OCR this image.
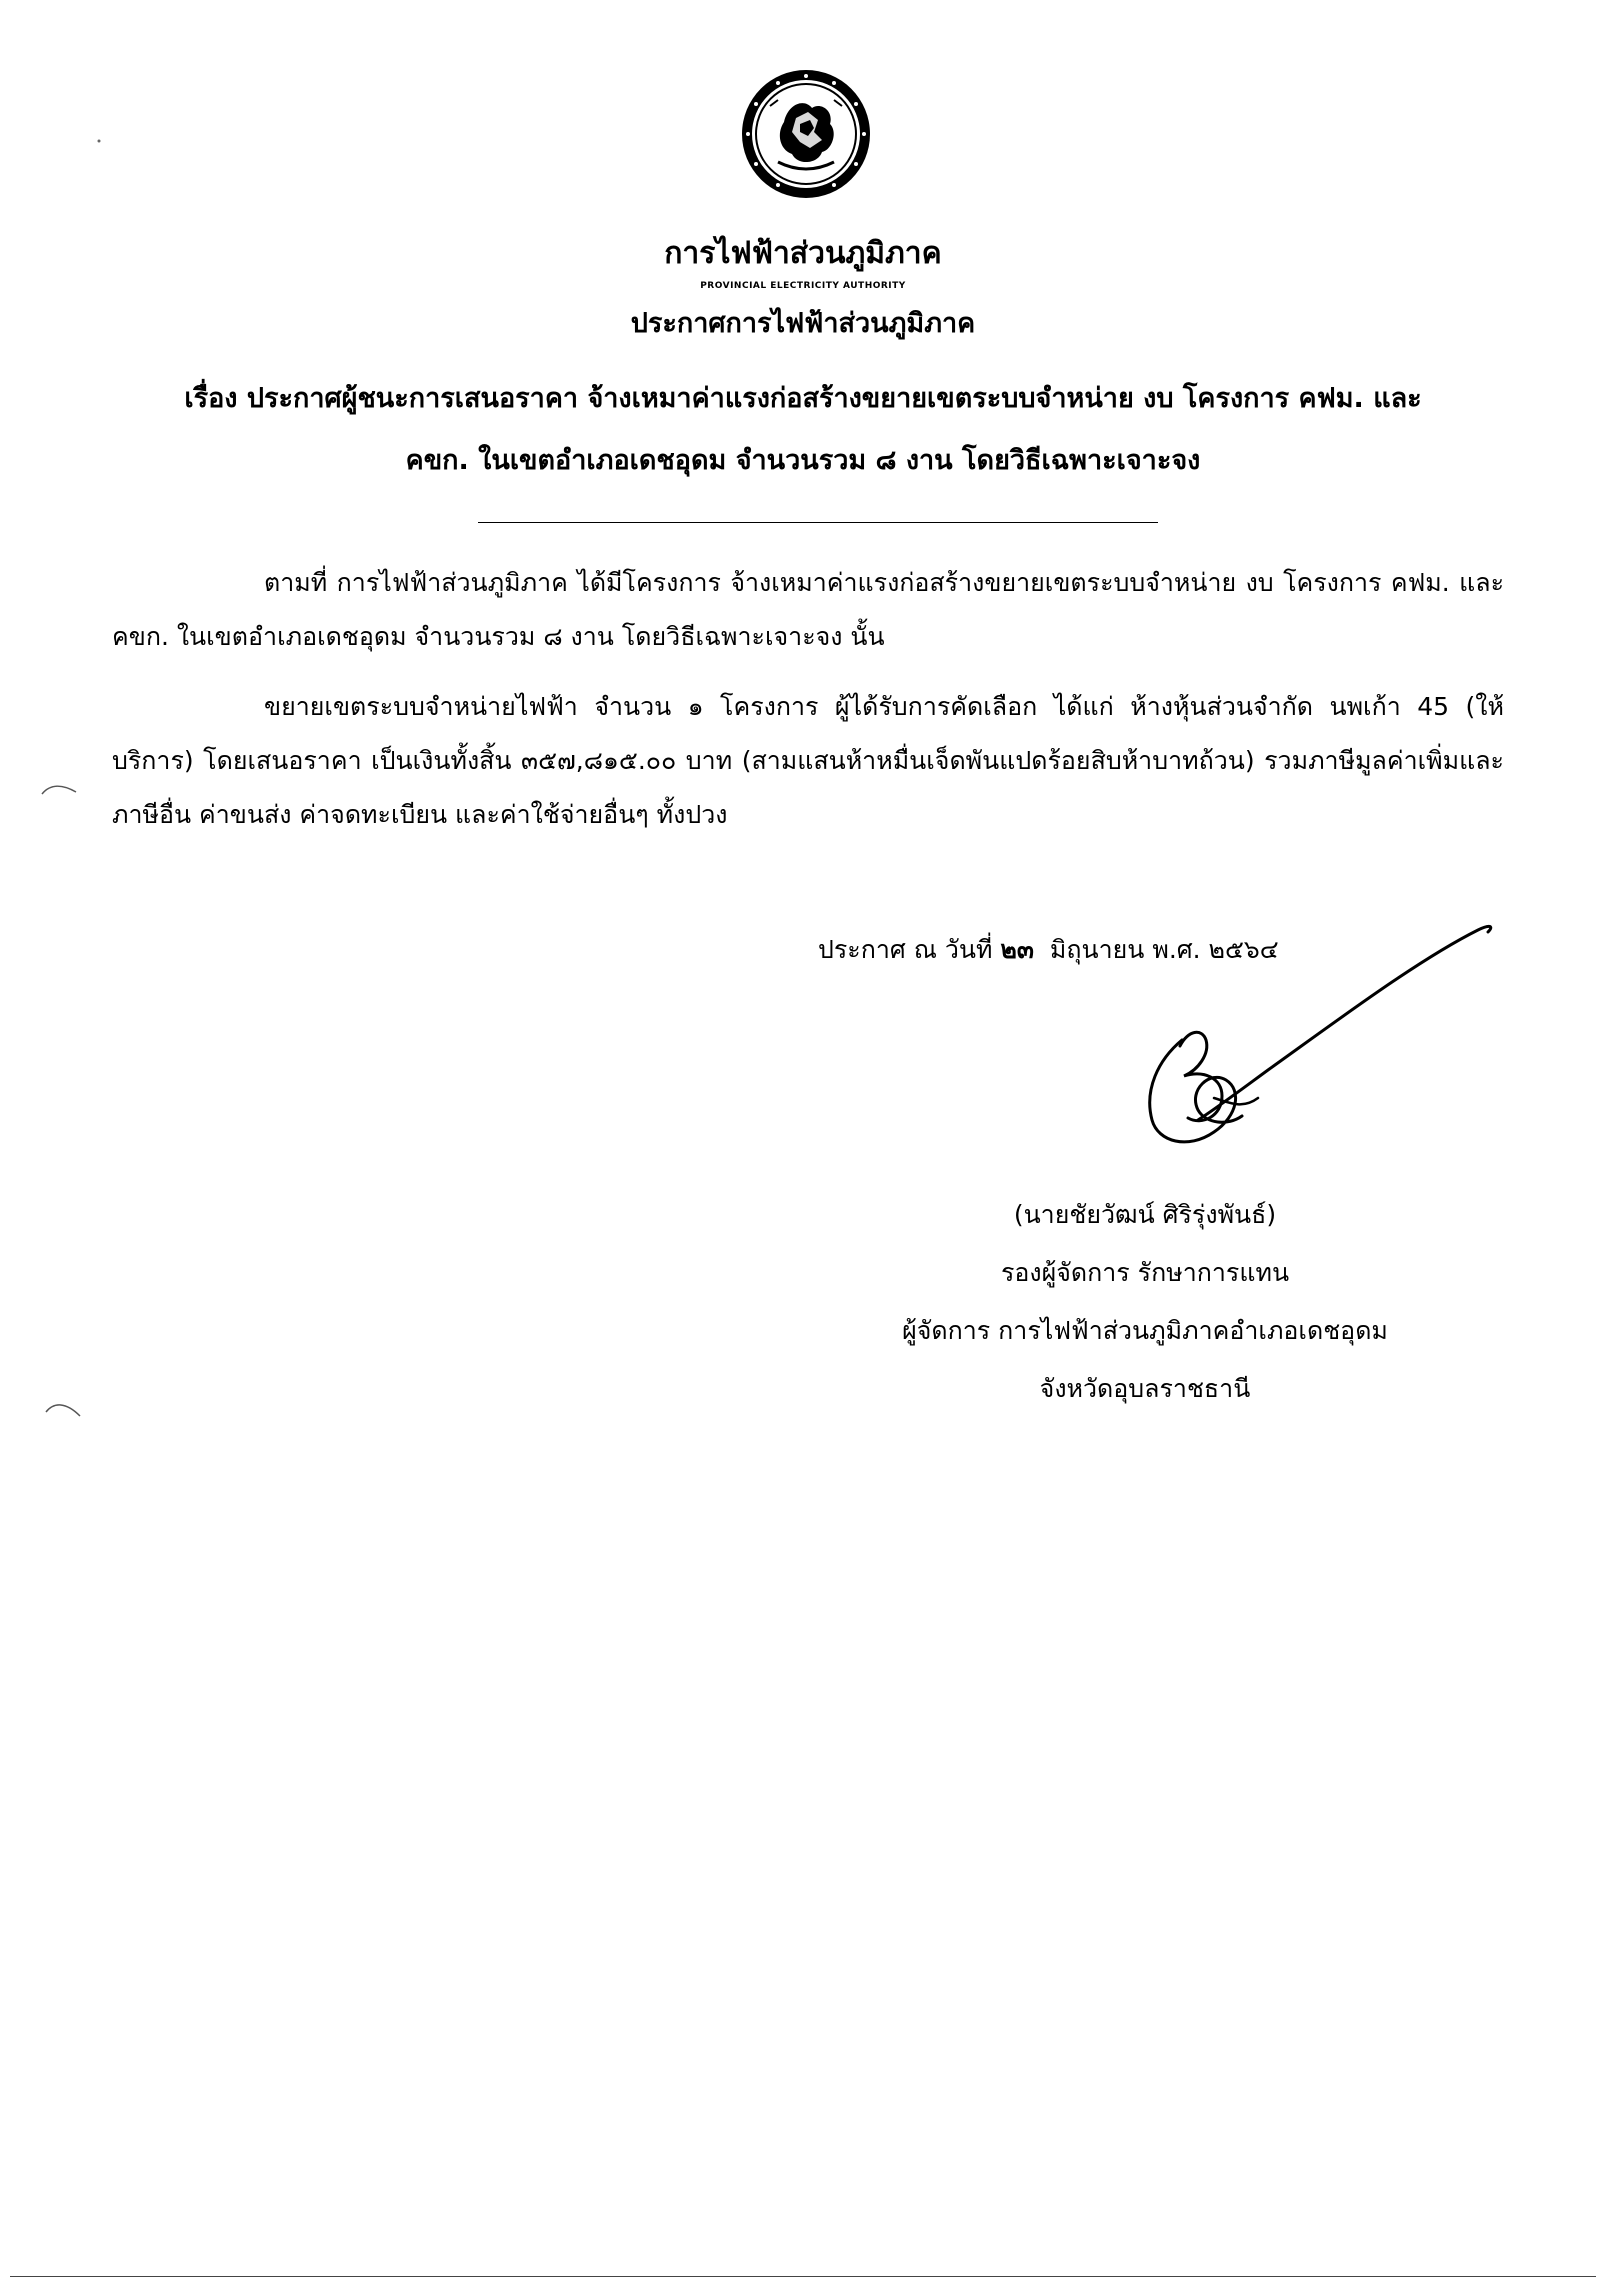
การไฟฟ้าส่วนภูมิภาค
PROVINCIAL ELECTRICITY AUTHORITY
ประกาศการไฟฟ้าส่วนภูมิภาค
เรื่อง ประกาศผู้ชนะการเสนอราคา จ้างเหมาค่าแรงก่อสร้างขยายเขตระบบจำหน่าย งบ โครงการ คฟม. และ
คขก. ในเขตอำเภอเดชอุดม จำนวนรวม ๘ งาน โดยวิธีเฉพาะเจาะจง
ตามที่ การไฟฟ้าส่วนภูมิภาค ได้มีโครงการ จ้างเหมาค่าแรงก่อสร้างขยายเขตระบบจำหน่าย งบ โครงการ คฟม. และ คขก. ในเขตอำเภอเดชอุดม จำนวนรวม ๘ งาน โดยวิธีเฉพาะเจาะจง นั้น
ขยายเขตระบบจำหน่ายไฟฟ้า จำนวน ๑ โครงการ ผู้ได้รับการคัดเลือก ได้แก่ ห้างหุ้นส่วนจำกัด นพเก้า 45 (ให้บริการ) โดยเสนอราคา เป็นเงินทั้งสิ้น ๓๕๗,๘๑๕.๐๐ บาท (สามแสนห้าหมื่นเจ็ดพันแปดร้อยสิบห้าบาทถ้วน) รวมภาษีมูลค่าเพิ่มและภาษีอื่น ค่าขนส่ง ค่าจดทะเบียน และค่าใช้จ่ายอื่นๆ ทั้งปวง
ประกาศ ณ วันที่ ๒๓ มิถุนายน พ.ศ. ๒๕๖๔
(นายชัยวัฒน์ ศิริรุ่งพันธ์)
รองผู้จัดการ รักษาการแทน
ผู้จัดการ การไฟฟ้าส่วนภูมิภาคอำเภอเดชอุดม
จังหวัดอุบลราชธานี
